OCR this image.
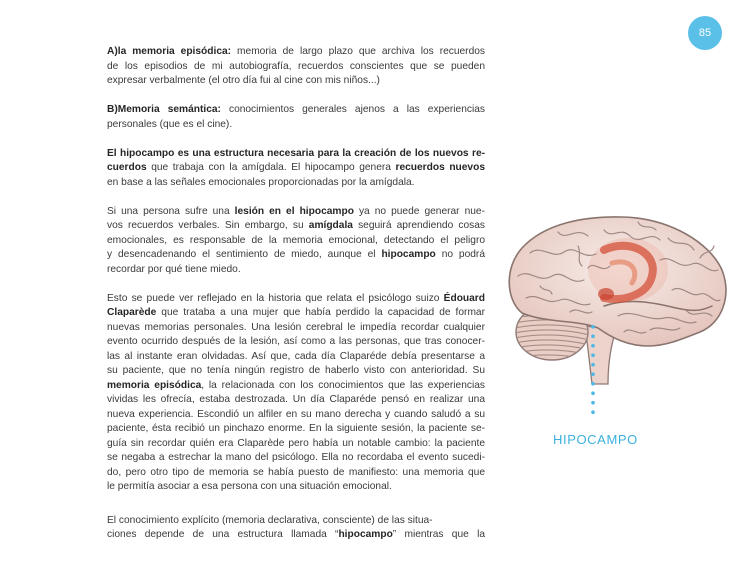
85
A)la memoria episódica: memoria de largo plazo que archiva los recuerdos
de los episodios de mi autobiografía, recuerdos conscientes que se pueden
expresar verbalmente (el otro día fui al cine con mis niños...)
B)Memoria semántica: conocimientos generales ajenos a las experiencias
personales (que es el cine).
El hipocampo es una estructura necesaria para la creación de los nuevos re-
cuerdos que trabaja con la amígdala. El hipocampo genera recuerdos nuevos
en base a las señales emocionales proporcionadas por la amígdala.
Si una persona sufre una lesión en el hipocampo ya no puede generar nue-
vos recuerdos verbales. Sin embargo, su amígdala seguirá aprendiendo cosas
emocionales, es responsable de la memoria emocional, detectando el peligro
y desencadenando el sentimiento de miedo, aunque el hipocampo no podrá
recordar por qué tiene miedo.
Esto se puede ver reflejado en la historia que relata el psicólogo suizo Édouard
Claparède que trataba a una mujer que había perdido la capacidad de formar
nuevas memorias personales. Una lesión cerebral le impedía recordar cualquier
evento ocurrido después de la lesión, así como a las personas, que tras conocer-
las al instante eran olvidadas. Así que, cada día Claparéde debía presentarse a
su paciente, que no tenía ningún registro de haberlo visto con anterioridad. Su
memoria episódica, la relacionada con los conocimientos que las experiencias
vividas les ofrecía, estaba destrozada. Un día Claparéde pensó en realizar una
nueva experiencia. Escondió un alfiler en su mano derecha y cuando saludó a su
paciente, ésta recibió un pinchazo enorme. En la siguiente sesión, la paciente se-
guía sin recordar quién era Claparède pero había un notable cambio: la paciente
se negaba a estrechar la mano del psicólogo. Ella no recordaba el evento sucedi-
do, pero otro tipo de memoria se había puesto de manifiesto: una memoria que
le permitía asociar a esa persona con una situación emocional.
El conocimiento explícito (memoria declarativa, consciente) de las situa-
ciones depende de una estructura llamada “hipocampo” mientras que la
HIPOCAMPO
